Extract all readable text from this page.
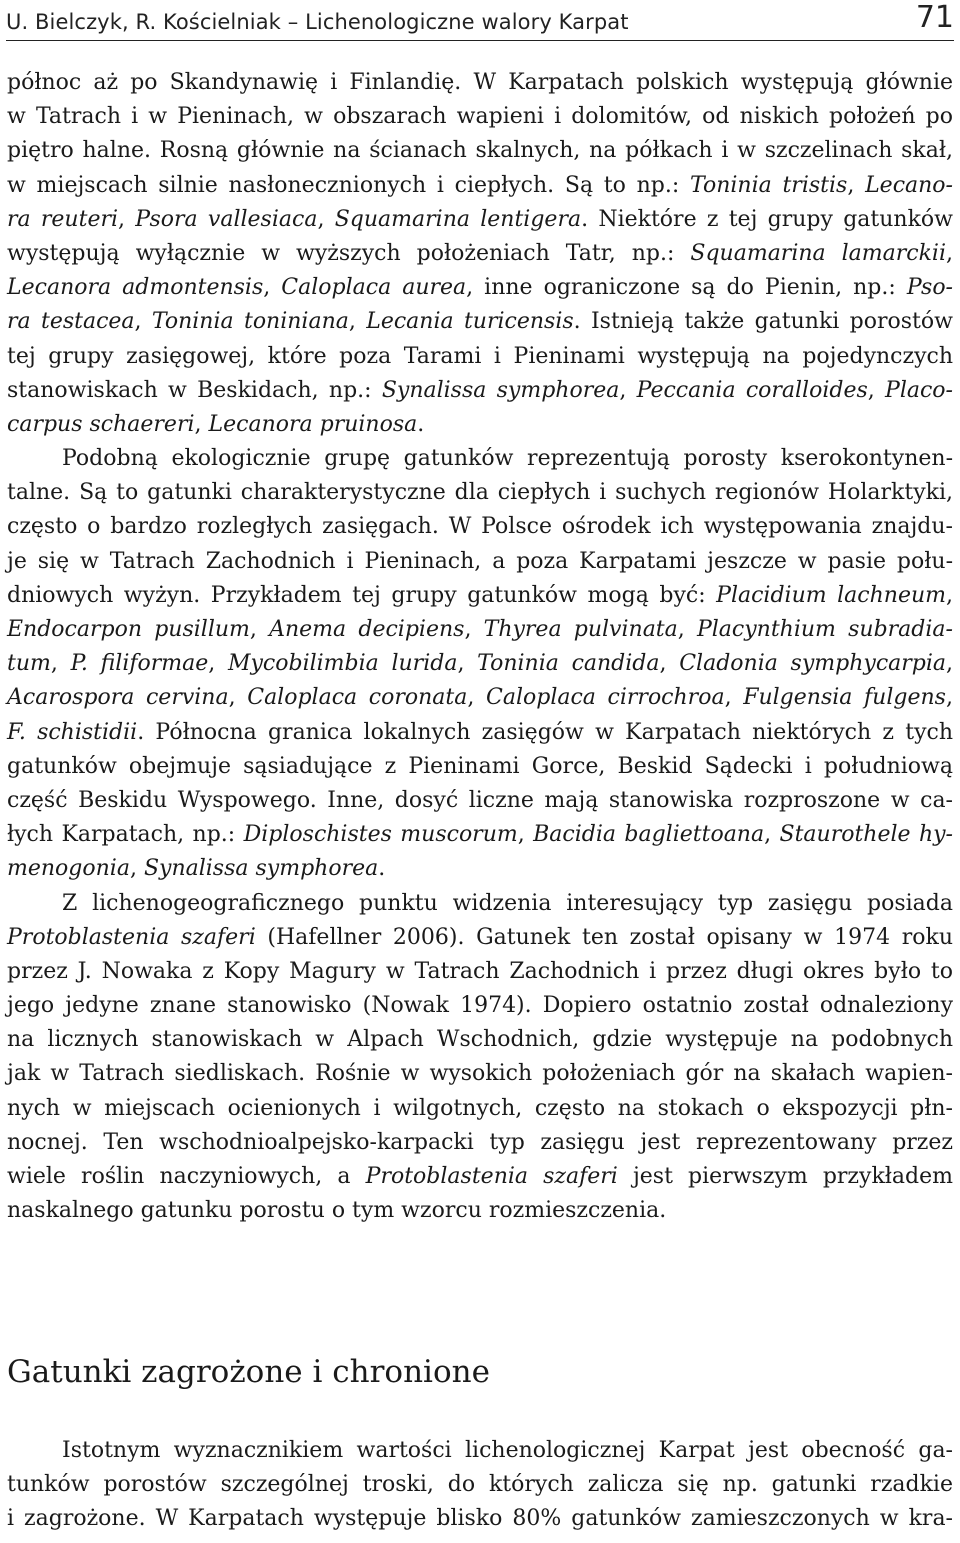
U. Bielczyk, R. Kościelniak – Lichenologiczne walory Karpat	71
północ aż po Skandynawię i Finlandię. W Karpatach polskich występują głównie
w Tatrach i w Pieninach, w obszarach wapieni i dolomitów, od niskich położeń po
piętro halne. Rosną głównie na ścianach skalnych, na półkach i w szczelinach skał,
w miejscach silnie nasłonecznionych i ciepłych. Są to np.: Toninia tristis, Lecano-
ra reuteri, Psora vallesiaca, Squamarina lentigera. Niektóre z tej grupy gatunków
występują wyłącznie w wyższych położeniach Tatr, np.: Squamarina lamarckii,
Lecanora admontensis, Caloplaca aurea, inne ograniczone są do Pienin, np.: Pso-
ra testacea, Toninia toniniana, Lecania turicensis. Istnieją także gatunki porostów
tej grupy zasięgowej, które poza Tarami i Pieninami występują na pojedynczych
stanowiskach w Beskidach, np.: Synalissa symphorea, Peccania coralloides, Placo-
carpus schaereri, Lecanora pruinosa.
Podobną ekologicznie grupę gatunków reprezentują porosty kserokontynen-
talne. Są to gatunki charakterystyczne dla ciepłych i suchych regionów Holarktyki,
często o bardzo rozległych zasięgach. W Polsce ośrodek ich występowania znajdu-
je się w Tatrach Zachodnich i Pieninach, a poza Karpatami jeszcze w pasie połu-
dniowych wyżyn. Przykładem tej grupy gatunków mogą być: Placidium lachneum,
Endocarpon pusillum, Anema decipiens, Thyrea pulvinata, Placynthium subradia-
tum, P. filiformae, Mycobilimbia lurida, Toninia candida, Cladonia symphycarpia,
Acarospora cervina, Caloplaca coronata, Caloplaca cirrochroa, Fulgensia fulgens,
F. schistidii. Północna granica lokalnych zasięgów w Karpatach niektórych z tych
gatunków obejmuje sąsiadujące z Pieninami Gorce, Beskid Sądecki i południową
część Beskidu Wyspowego. Inne, dosyć liczne mają stanowiska rozproszone w ca-
łych Karpatach, np.: Diploschistes muscorum, Bacidia bagliettoana, Staurothele hy-
menogonia, Synalissa symphorea.
Z lichenogeograficznego punktu widzenia interesujący typ zasięgu posiada
Protoblastenia szaferi (Hafellner 2006). Gatunek ten został opisany w 1974 roku
przez J. Nowaka z Kopy Magury w Tatrach Zachodnich i przez długi okres było to
jego jedyne znane stanowisko (Nowak 1974). Dopiero ostatnio został odnaleziony
na licznych stanowiskach w Alpach Wschodnich, gdzie występuje na podobnych
jak w Tatrach siedliskach. Rośnie w wysokich położeniach gór na skałach wapien-
nych w miejscach ocienionych i wilgotnych, często na stokach o ekspozycji płn-
nocnej. Ten wschodnioalpejsko-karpacki typ zasięgu jest reprezentowany przez
wiele roślin naczyniowych, a Protoblastenia szaferi jest pierwszym przykładem
naskalnego gatunku porostu o tym wzorcu rozmieszczenia.
Gatunki zagrożone i chronione
Istotnym wyznacznikiem wartości lichenologicznej Karpat jest obecność ga-
tunków porostów szczególnej troski, do których zalicza się np. gatunki rzadkie
i zagrożone. W Karpatach występuje blisko 80% gatunków zamieszczonych w kra-
